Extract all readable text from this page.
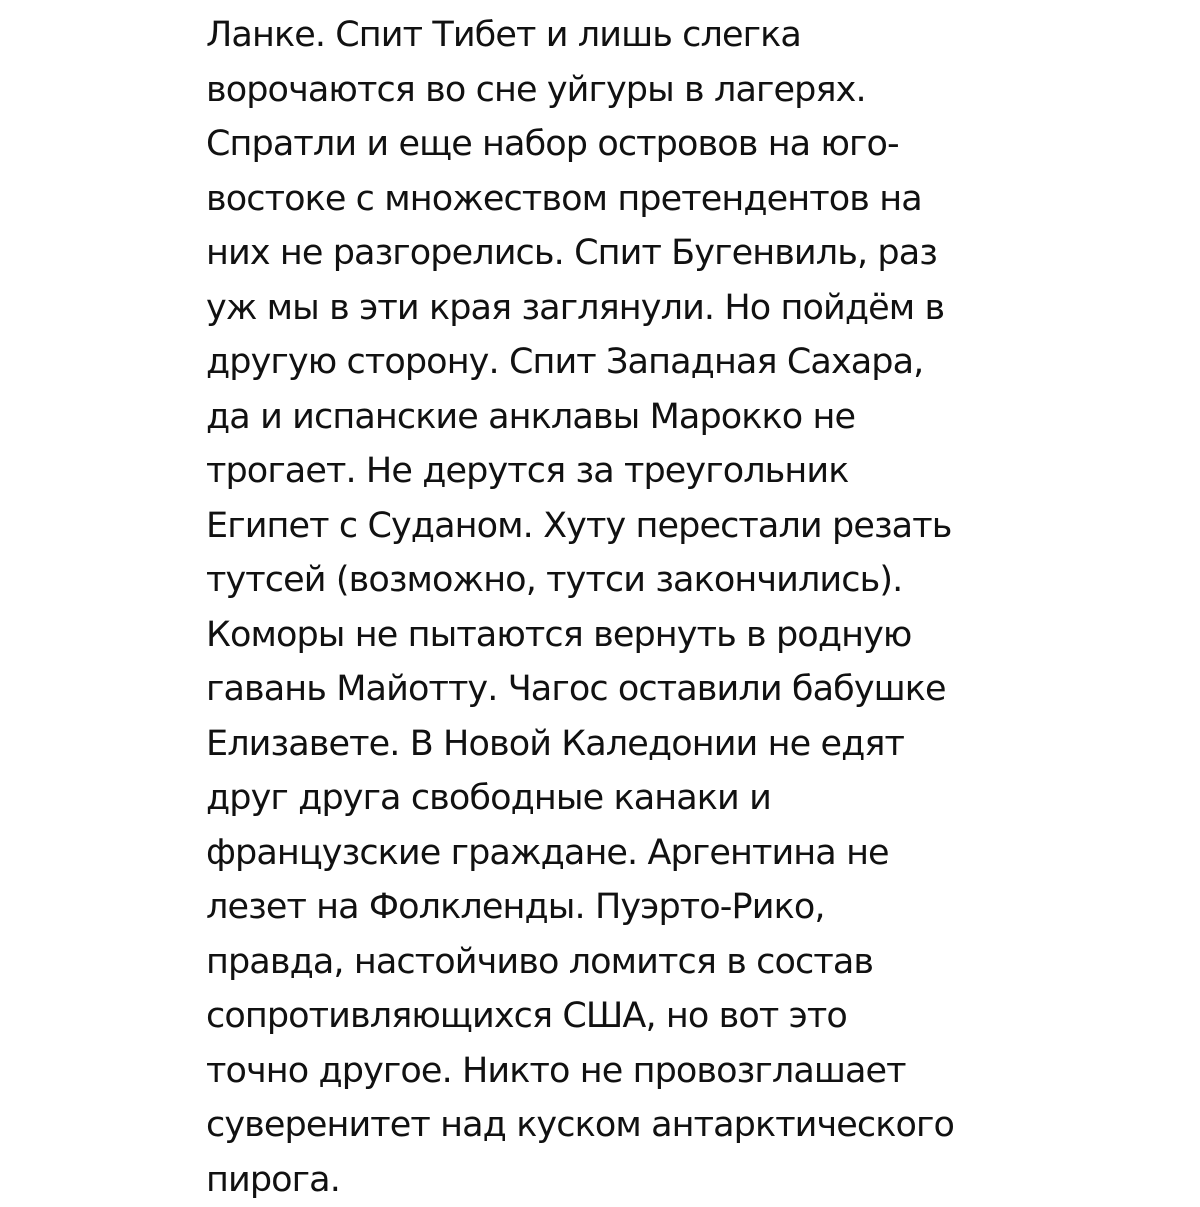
Ланке. Спит Тибет и лишь слегка
ворочаются во сне уйгуры в лагерях.
Спратли и еще набор островов на юго-
востоке с множеством претендентов на
них не разгорелись. Спит Бугенвиль, раз
уж мы в эти края заглянули. Но пойдём в
другую сторону. Спит Западная Сахара,
да и испанские анклавы Марокко не
трогает. Не дерутся за треугольник
Египет с Суданом. Хуту перестали резать
тутсей (возможно, тутси закончились).
Коморы не пытаются вернуть в родную
гавань Майотту. Чагос оставили бабушке
Елизавете. В Новой Каледонии не едят
друг друга свободные канаки и
французские граждане. Аргентина не
лезет на Фолкленды. Пуэрто-Рико,
правда, настойчиво ломится в состав
сопротивляющихся США, но вот это
точно другое. Никто не провозглашает
суверенитет над куском антарктического
пирога.
